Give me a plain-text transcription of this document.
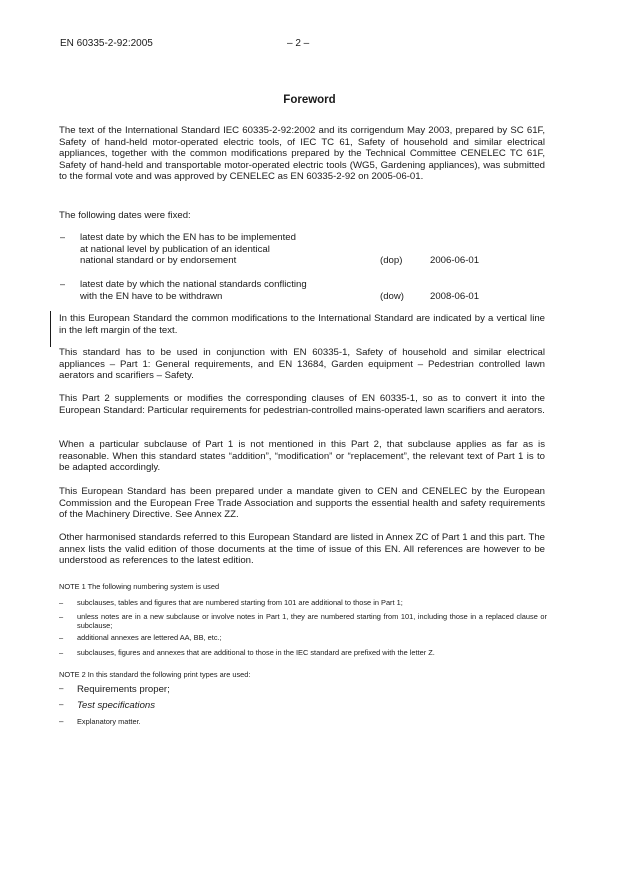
EN 60335-2-92:2005	– 2 –
Foreword
The text of the International Standard IEC 60335-2-92:2002 and its corrigendum May 2003, prepared by SC 61F, Safety of hand-held motor-operated electric tools, of IEC TC 61, Safety of household and similar electrical appliances, together with the common modifications prepared by the Technical Committee CENELEC TC 61F, Safety of hand-held and transportable motor-operated electric tools (WG5, Gardening appliances), was submitted to the formal vote and was approved by CENELEC as EN 60335-2-92 on 2005-06-01.
The following dates were fixed:
– latest date by which the EN has to be implemented
at national level by publication of an identical
national standard or by endorsement	(dop)	2006-06-01
– latest date by which the national standards conflicting
with the EN have to be withdrawn	(dow)	2008-06-01
In this European Standard the common modifications to the International Standard are indicated by a vertical line in the left margin of the text.
This standard has to be used in conjunction with EN 60335-1, Safety of household and similar electrical appliances – Part 1: General requirements, and EN 13684, Garden equipment – Pedestrian controlled lawn aerators and scarifiers – Safety.
This Part 2 supplements or modifies the corresponding clauses of EN 60335-1, so as to convert it into the European Standard: Particular requirements for pedestrian-controlled mains-operated lawn scarifiers and aerators.
When a particular subclause of Part 1 is not mentioned in this Part 2, that subclause applies as far as is reasonable. When this standard states “addition”, “modification” or “replacement”, the relevant text of Part 1 is to be adapted accordingly.
This European Standard has been prepared under a mandate given to CEN and CENELEC by the European Commission and the European Free Trade Association and supports the essential health and safety requirements of the Machinery Directive. See Annex ZZ.
Other harmonised standards referred to this European Standard are listed in Annex ZC of Part 1 and this part. The annex lists the valid edition of those documents at the time of issue of this EN. All references are however to be understood as references to the latest edition.
NOTE 1 The following numbering system is used
– subclauses, tables and figures that are numbered starting from 101 are additional to those in Part 1;
– unless notes are in a new subclause or involve notes in Part 1, they are numbered starting from 101, including those in a replaced clause or subclause;
– additional annexes are lettered AA, BB, etc.;
– subclauses, figures and annexes that are additional to those in the IEC standard are prefixed with the letter Z.
NOTE 2 In this standard the following print types are used:
– Requirements proper;
– Test specifications
– Explanatory matter.
